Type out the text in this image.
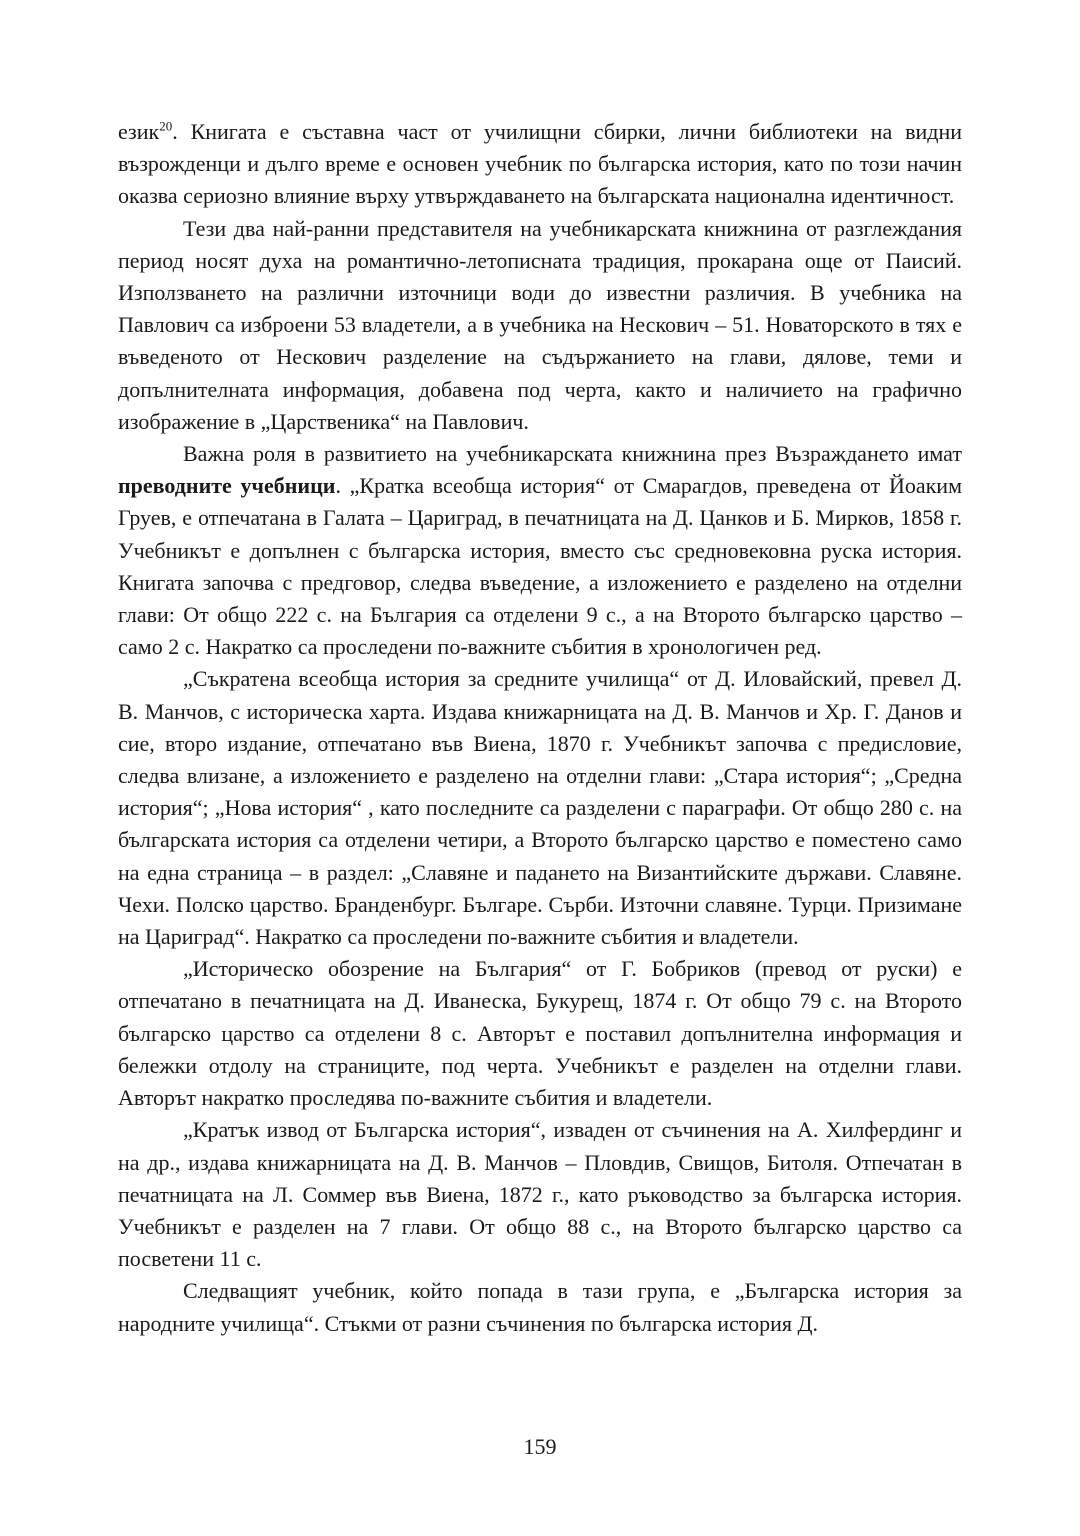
език$^{20}$. Книгата е съставна част от училищни сбирки, лични библиотеки на видни възрожденци и дълго време е основен учебник по българска история, като по този начин оказва сериозно влияние върху утвърждаването на българската национална идентичност.

Тези два най-ранни представителя на учебникарската книжнина от разглеждания период носят духа на романтично-летописната традиция, прокарана още от Паисий. Използването на различни източници води до известни различия. В учебника на Павлович са изброени 53 владетели, а в учебника на Нескович – 51. Новаторското в тях е въведеното от Нескович разделение на съдържанието на глави, дялове, теми и допълнителната информация, добавена под черта, както и наличието на графично изображение в „Царственика“ на Павлович.

Важна роля в развитието на учебникарската книжнина през Възраждането имат преводните учебници. „Кратка всеобща история“ от Смарагдов, преведена от Йоаким Груев, е отпечатана в Галата – Цариград, в печатницата на Д. Цанков и Б. Мирков, 1858 г. Учебникът е допълнен с българска история, вместо със средновековна руска история. Книгата започва с предговор, следва въведение, а изложението е разделено на отделни глави: От общо 222 с. на България са отделени 9 с., а на Второто българско царство – само 2 с. Накратко са проследени по-важните събития в хронологичен ред.

„Съкратена всеобща история за средните училища“ от Д. Иловайский, превел Д. В. Манчов, с историческа харта. Издава книжарницата на Д. В. Манчов и Хр. Г. Данов и сие, второ издание, отпечатано във Виена, 1870 г. Учебникът започва с предисловие, следва влизане, а изложението е разделено на отделни глави: „Стара история“; „Средна история“; „Нова история“ , като последните са разделени с параграфи. От общо 280 с. на българската история са отделени четири, а Второто българско царство е поместено само на една страница – в раздел: „Славяне и падането на Византийските държави. Славяне. Чехи. Полско царство. Бранденбург. Българе. Сърби. Източни славяне. Турци. Призимане на Цариград“. Накратко са проследени по-важните събития и владетели.

„Историческо обозрение на България“ от Г. Бобриков (превод от руски) е отпечатано в печатницата на Д. Иванеска, Букурещ, 1874 г. От общо 79 с. на Второто българско царство са отделени 8 с. Авторът е поставил допълнителна информация и бележки отдолу на страниците, под черта. Учебникът е разделен на отделни глави. Авторът накратко проследява по-важните събития и владетели.

„Кратък извод от Българска история“, изваден от съчинения на А. Хилфердинг и на др., издава книжарницата на Д. В. Манчов – Пловдив, Свищов, Битоля. Отпечатан в печатницата на Л. Соммер във Виена, 1872 г., като ръководство за българска история. Учебникът е разделен на 7 глави. От общо 88 с., на Второто българско царство са посветени 11 с.

Следващият учебник, който попада в тази група, е „Българска история за народните училища“. Стъкми от разни съчинения по българска история Д.

159
